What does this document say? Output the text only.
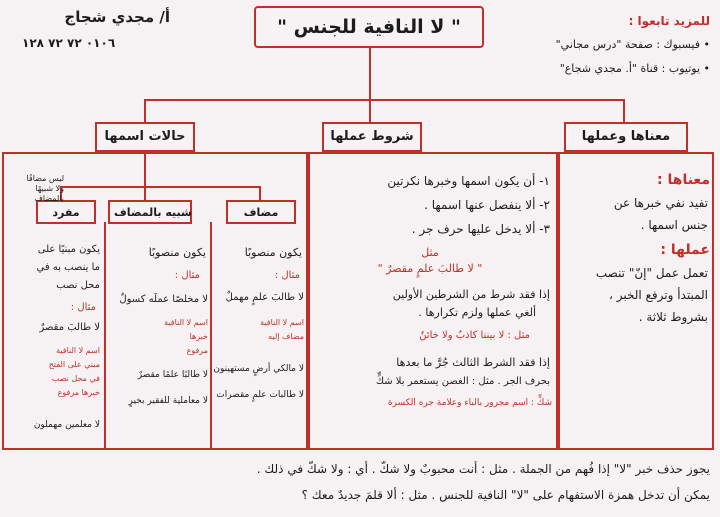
" لا النافية للجنس "
أ/ مجدي شجاج
٠١٠٦ ٧٢ ٧٢ ١٢٨
للمزيد تابعوا :
• فيسبوك : صفحة "درس مجاني"
• يوتيوب : قناة "أ. مجدي شجاع"
حالات اسمها	شروط عملها	معناها وعملها
معناها :
تفيد نفي خبرها عن
جنس اسمها .
عملها :
تعمل عمل "إنّ" تنصب
المبتدأ وترفع الخبر ،
بشروط ثلاثة .
١- أن يكون اسمها وخبرها نكرتين
٢- ألا ينفصل عنها اسمها .
٣- ألا يدخل عليها حرف جر .
مثل
" لا طالبَ علمٍ مقصرٌ "
إذا فقد شرط من الشرطين الأولين
ألغي عملها ولزم تكرارها .
مثل : لا بيننا كاذبٌ ولا خائنٌ
إذا فقد الشرط الثالث جُرَّ ما بعدها
بحرف الجر . مثل : الغصن يستعمر بلا شكٍّ
شكٍّ : اسم مجرور بالباء وعلامة جره الكسرة
مضاف
شبيه بالمضاف
مفرد
ليس مضافًا
ولا شبيهًا
بالمضاف
يكون منصوبًا
مثال :
لا طالبَ علمٍ مهملٌ
اسم لا النافية
مضاف إليه
لا مالكي أرضٍ مستهينون
لا طالبات علمٍ مقصرات
يكون منصوبًا
مثال :
لا مخلصًا عملَه كسولٌ
اسم لا النافية
خبرها
مرفوع
لا طالبًا علمًا مقصرٌ
لا معاملية للفقير بخيرٍ
يكون مبنيًا على
ما ينصب به في
محل نصب
مثال :
لا طالبَ مقصرٌ
اسم لا النافية
مبني على الفتح
في محل نصب
خبرها مرفوع
لا معلمين مهملون
يجوز حذف خبر "لا" إذا فُهم من الجملة . مثل : أنت محبوبٌ ولا شكّ . أي : ولا شكّ في ذلك .
يمكن أن تدخل همزة الاستفهام على "لا" النافية للجنس . مثل : ألا قلمَ جديدٌ معك ؟
